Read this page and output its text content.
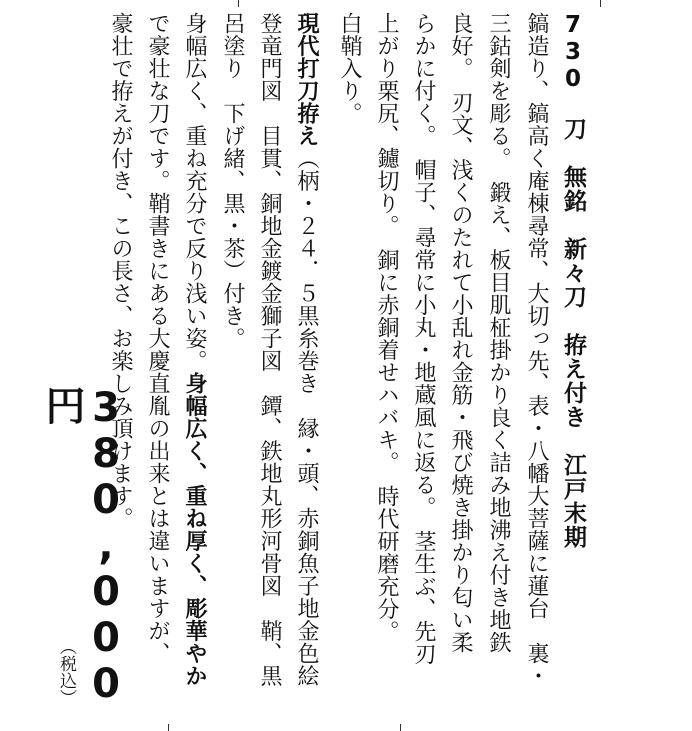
730　刀　無銘　新々刀　拵え付き　江戸末期
鎬造り、鎬高く庵棟尋常、大切っ先、表・八幡大菩薩に蓮台　裏・
三鈷剣を彫る。　鍛え、板目肌柾掛かり良く詰み地沸え付き地鉄
良好。　刃文、浅くのたれて小乱れ金筋・飛び焼き掛かり匂い柔
らかに付く。　帽子、尋常に小丸・地蔵風に返る。　茎生ぶ、先刃
上がり栗尻、鑢切り。　銅に赤銅着せハバキ。　時代研磨充分。
白鞘入り。
現代打刀拵え（柄・２４．５黒糸巻き　縁・頭、赤銅魚子地金色絵
登竜門図　目貫、銅地金鍍金獅子図　鐔、鉄地丸形河骨図　鞘、黒
呂塗り　下げ緒、黒・茶）付き。
身幅広く、重ね充分で反り浅い姿。身幅広く、重ね厚く、彫華やか
で豪壮な刀です。鞘書きにある大慶直胤の出来とは違いますが、
豪壮で拵えが付き、この長さ、お楽しみ頂けます。
380,000円
（税込）
